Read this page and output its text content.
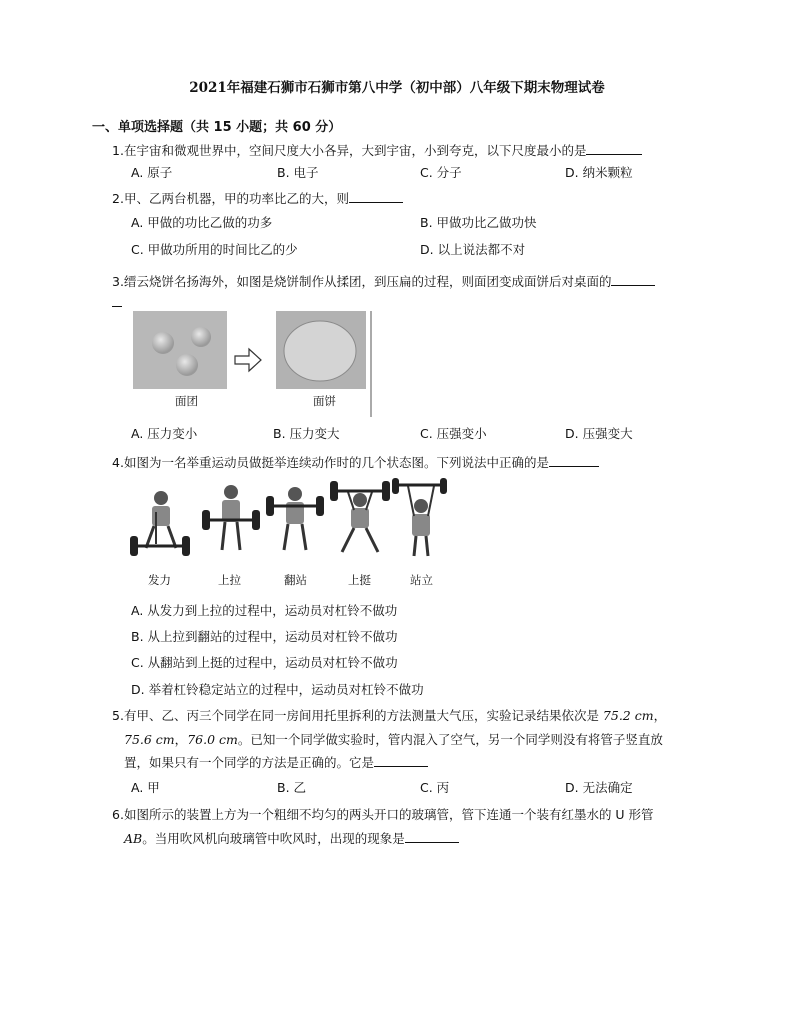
2021年福建石狮市石狮市第八中学（初中部）八年级下期末物理试卷
一、单项选择题（共 15 小题；共 60 分）
1.在宇宙和微观世界中，空间尺度大小各异，大到宇宙，小到夸克，以下尺度最小的是
A. 原子	B. 电子	C. 分子	D. 纳米颗粒
2.甲、乙两台机器，甲的功率比乙的大，则
A. 甲做的功比乙做的功多	B. 甲做功比乙做功快
C. 甲做功所用的时间比乙的少	D. 以上说法都不对
3.缙云烧饼名扬海外，如图是烧饼制作从揉团，到压扁的过程，则面团变成面饼后对桌面的
面团	面饼
A. 压力变小	B. 压力变大	C. 压强变小	D. 压强变大
4.如图为一名举重运动员做挺举连续动作时的几个状态图。下列说法中正确的是
发力	上拉	翻站	上挺	站立
A. 从发力到上拉的过程中，运动员对杠铃不做功
B. 从上拉到翻站的过程中，运动员对杠铃不做功
C. 从翻站到上挺的过程中，运动员对杠铃不做功
D. 举着杠铃稳定站立的过程中，运动员对杠铃不做功
5.有甲、乙、丙三个同学在同一房间用托里拆利的方法测量大气压，实验记录结果依次是 75.2 cm，
75.6 cm，76.0 cm。已知一个同学做实验时，管内混入了空气，另一个同学则没有将管子竖直放
置，如果只有一个同学的方法是正确的。它是
A. 甲	B. 乙	C. 丙	D. 无法确定
6.如图所示的装置上方为一个粗细不均匀的两头开口的玻璃管，管下连通一个装有红墨水的 U 形管
AB。当用吹风机向玻璃管中吹风时，出现的现象是
